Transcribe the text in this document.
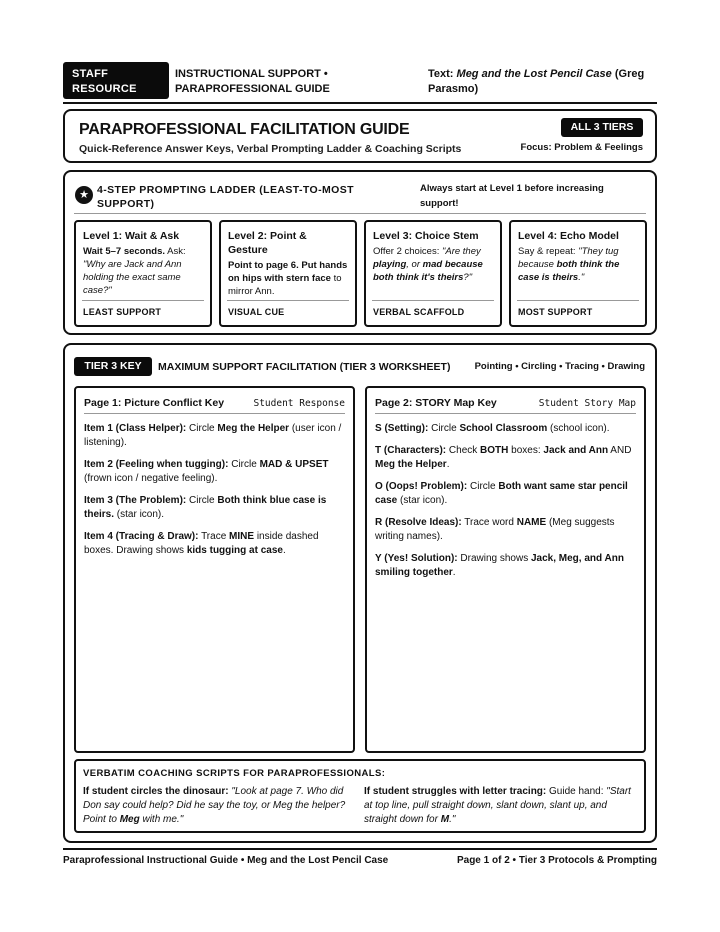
STAFF
RESOURCE
INSTRUCTIONAL SUPPORT •
PARAPROFESSIONAL GUIDE
Text: Meg and the Lost Pencil Case (Greg Parasmo)
PARAPROFESSIONAL FACILITATION GUIDE
Quick-Reference Answer Keys, Verbal Prompting Ladder & Coaching Scripts
ALL 3 TIERS
Focus: Problem & Feelings
★ 4-STEP PROMPTING LADDER (LEAST-TO-MOST SUPPORT)
Always start at Level 1 before increasing support!
Level 1: Wait & Ask
Wait 5–7 seconds. Ask: "Why are Jack and Ann holding the exact same case?"
LEAST SUPPORT
Level 2: Point & Gesture
Point to page 6. Put hands on hips with stern face to mirror Ann.
VISUAL CUE
Level 3: Choice Stem
Offer 2 choices: "Are they playing, or mad because both think it's theirs?"
VERBAL SCAFFOLD
Level 4: Echo Model
Say & repeat: "They tug because both think the case is theirs."
MOST SUPPORT
TIER 3 KEY	MAXIMUM SUPPORT FACILITATION (TIER 3 WORKSHEET)	Pointing • Circling • Tracing • Drawing
Page 1: Picture Conflict Key	Student Response
Item 1 (Class Helper): Circle Meg the Helper (user icon / listening).
Item 2 (Feeling when tugging): Circle MAD & UPSET (frown icon / negative feeling).
Item 3 (The Problem): Circle Both think blue case is theirs. (star icon).
Item 4 (Tracing & Draw): Trace MINE inside dashed boxes. Drawing shows kids tugging at case.
Page 2: STORY Map Key	Student Story Map
S (Setting): Circle School Classroom (school icon).
T (Characters): Check BOTH boxes: Jack and Ann AND Meg the Helper.
O (Oops! Problem): Circle Both want same star pencil case (star icon).
R (Resolve Ideas): Trace word NAME (Meg suggests writing names).
Y (Yes! Solution): Drawing shows Jack, Meg, and Ann smiling together.
VERBATIM COACHING SCRIPTS FOR PARAPROFESSIONALS:
If student circles the dinosaur: "Look at page 7. Who did Don say could help? Did he say the toy, or Meg the helper? Point to Meg with me."
If student struggles with letter tracing: Guide hand: "Start at top line, pull straight down, slant down, slant up, and straight down for M."
Paraprofessional Instructional Guide • Meg and the Lost Pencil Case	Page 1 of 2 • Tier 3 Protocols & Prompting
